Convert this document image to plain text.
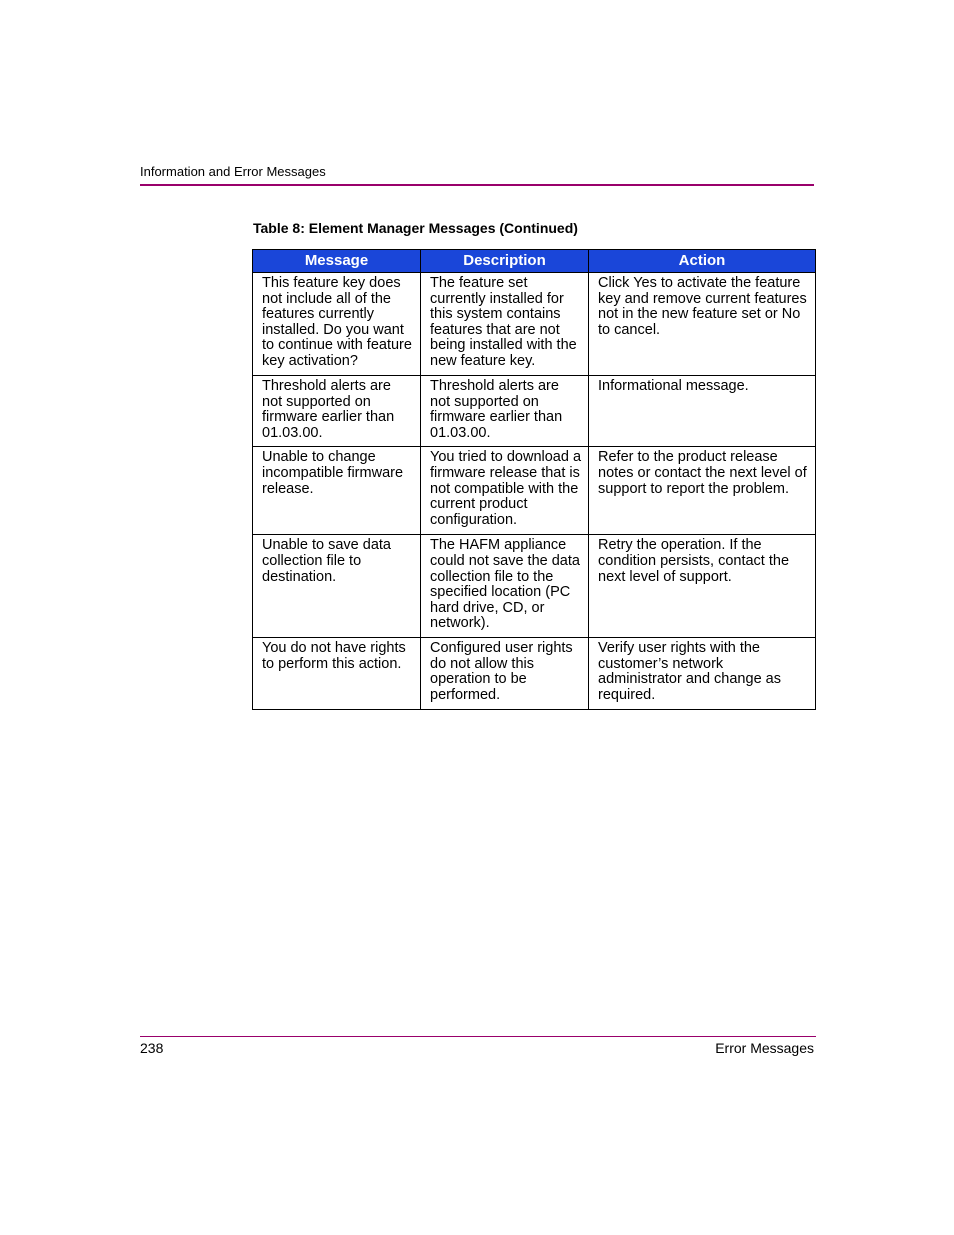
Information and Error Messages
Table 8: Element Manager Messages (Continued)
Message	Description	Action
This feature key does not include all of the features currently installed. Do you want to continue with feature key activation?	The feature set currently installed for this system contains features that are not being installed with the new feature key.	Click Yes to activate the feature key and remove current features not in the new feature set or No to cancel.
Threshold alerts are not supported on firmware earlier than 01.03.00.	Threshold alerts are not supported on firmware earlier than 01.03.00.	Informational message.
Unable to change incompatible firmware release.	You tried to download a firmware release that is not compatible with the current product configuration.	Refer to the product release notes or contact the next level of support to report the problem.
Unable to save data collection file to destination.	The HAFM appliance could not save the data collection file to the specified location (PC hard drive, CD, or network).	Retry the operation. If the condition persists, contact the next level of support.
You do not have rights to perform this action.	Configured user rights do not allow this operation to be performed.	Verify user rights with the customer’s network administrator and change as required.
238	Error Messages
